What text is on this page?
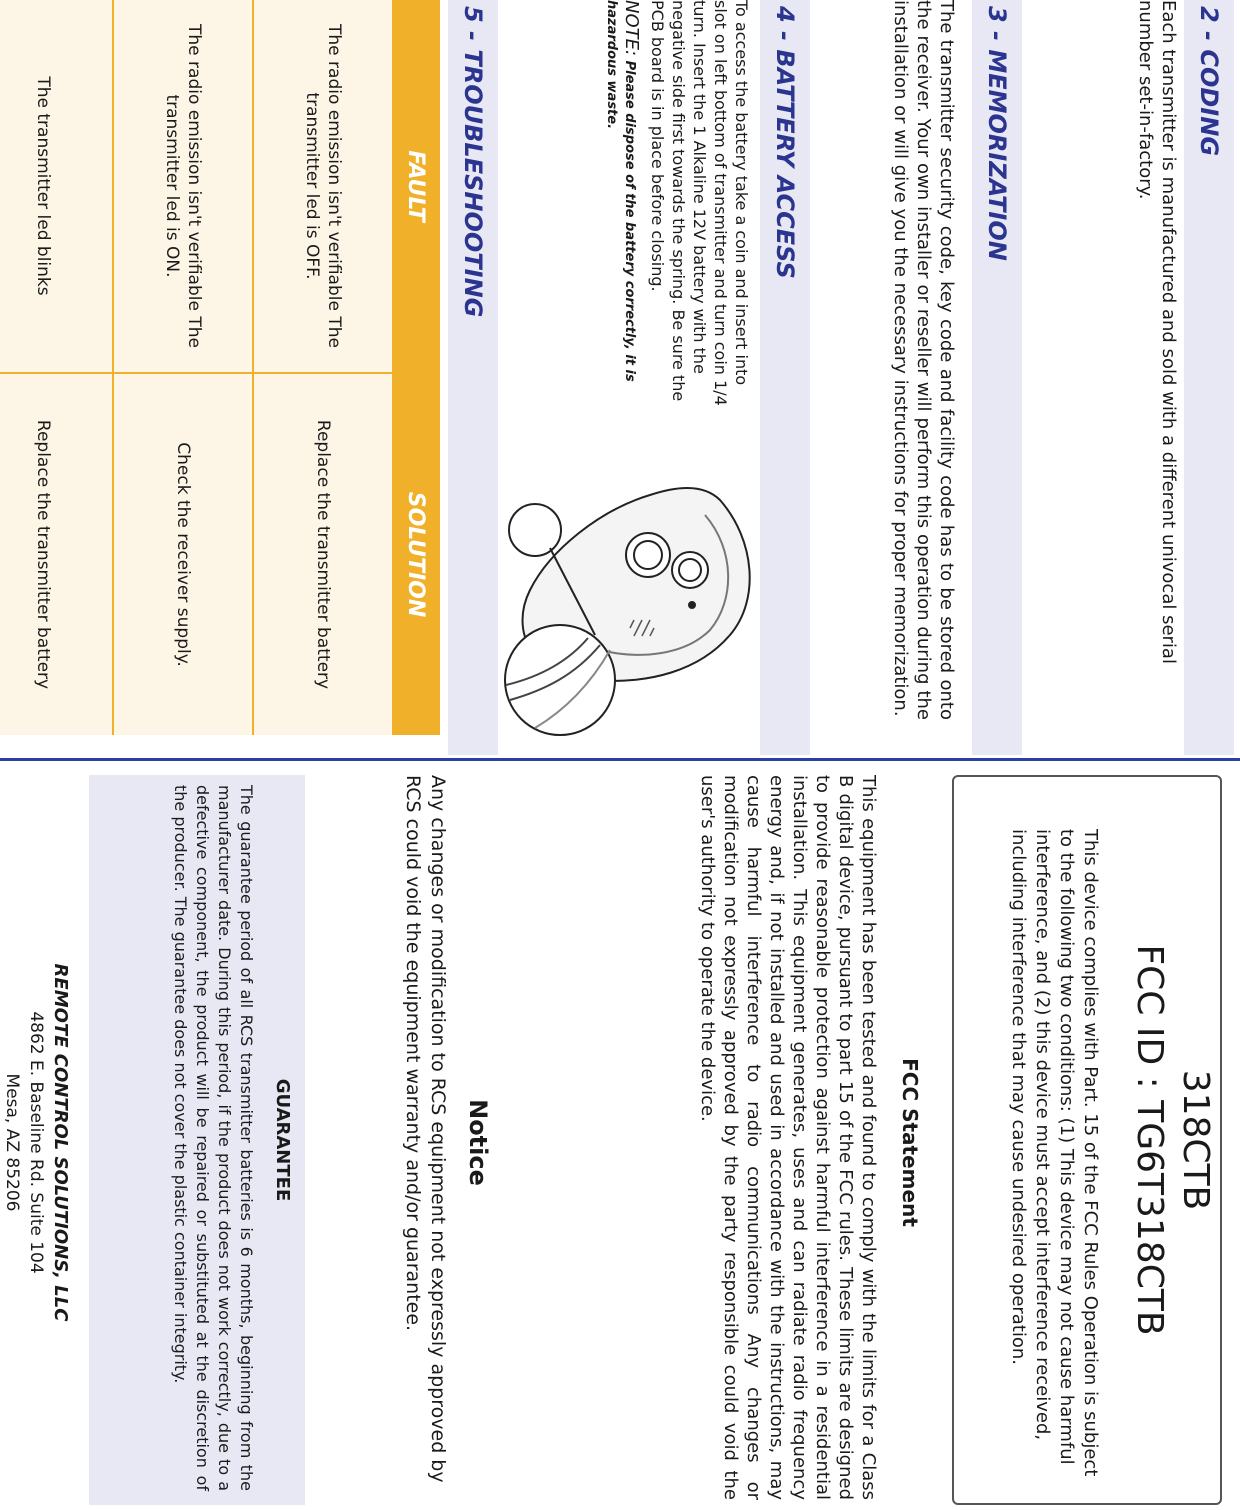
2 - CODING

Each transmitter is manufactured and sold with a different univocal serial number set-in-factory.

3 - MEMORIZATION

The transmitter security code, key code and facility code has to be stored onto the receiver. Your own installer or reseller will perform this operation during the installation or will give you the necessary instructions for proper memorization.

4 - BATTERY ACCESS

To access the battery take a coin and insert into slot on left bottom of transmitter and turn coin 1/4 turn. Insert the 1 Alkaline 12V battery with the negative side first towards the spring. Be sure the PCB board is in place before closing.

NOTE: Please dispose of the battery correctly, it is hazardous waste.

5 - TROUBLESHOOTING
FAULT	SOLUTION
The radio emission isn't verifiable The transmitter led is OFF.	Replace the transmitter battery
The radio emission isn't verifiable The transmitter led is ON.	Check the receiver supply.
The transmitter led blinks	Replace the transmitter battery
318CTB
FCC ID : TG6T318CTB

This device complies with Part. 15 of the FCC Rules Operation is subject to the following two conditions: (1) This device may not cause harmful interference, and (2) this device must accept interference received, including interference that may cause undesired operation.

FCC Statement

This equipment has been tested and found to comply with the limits for a Class B digital device, pursuant to part 15 of the FCC rules. These limits are designed to provide reasonable protection against harmful interference in a residential installation. This equipment generates, uses and can radiate radio frequency energy and, if not installed and used in accordance with the instructions, may cause harmful interference to radio communications Any changes or modification not expressly approved by the party responsible could void the user's authority to operate the device.

Notice

Any changes or modification to RCS equipment not expressly approved by RCS could void the equipment warranty and/or guarantee.

GUARANTEE

The guarantee period of all RCS transmitter batteries is 6 months, beginning from the manufacturer date. During this period, if the product does not work correctly, due to a defective component, the product will be repaired or substituted at the discretion of the producer. The guarantee does not cover the plastic container integrity.

REMOTE CONTROL SOLUTIONS, LLC
4862 E. Baseline Rd. Suite 104
Mesa, AZ 85206
